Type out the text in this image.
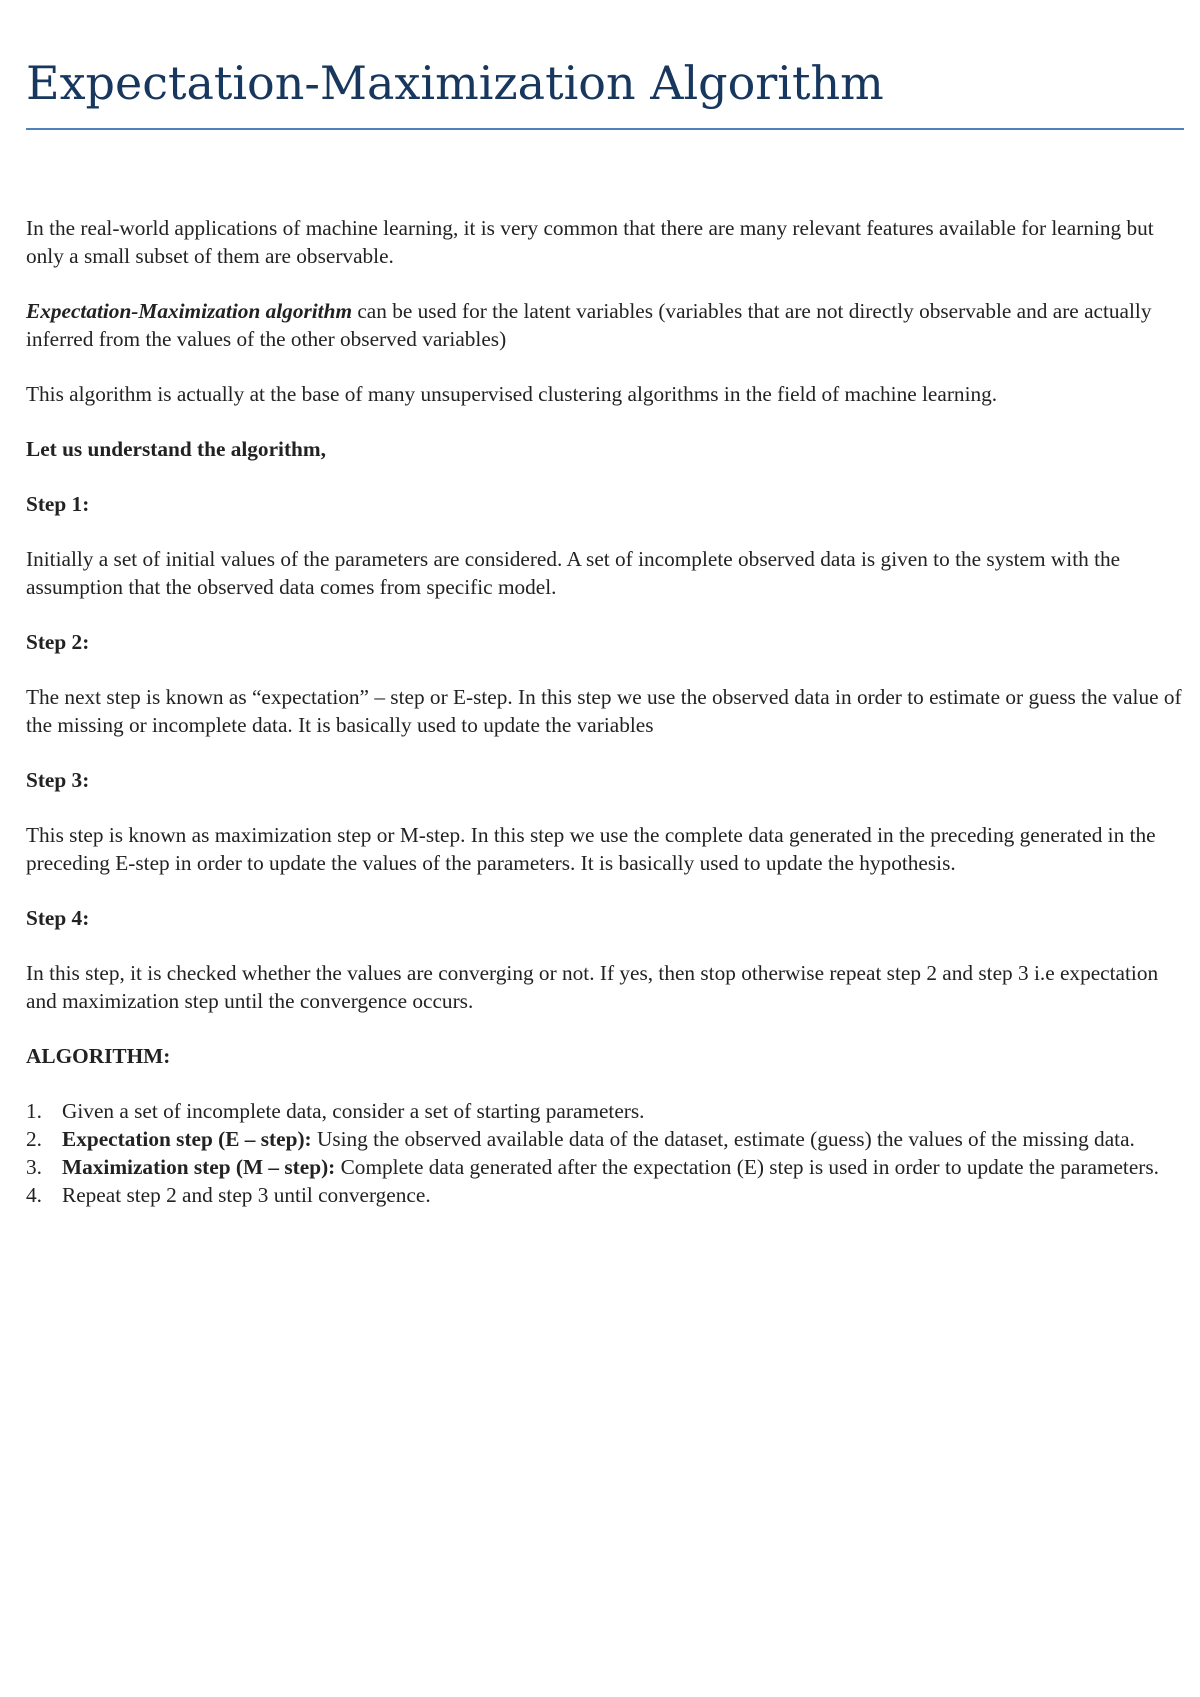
Expectation-Maximization Algorithm

In the real-world applications of machine learning, it is very common that there are many relevant features available for learning but only a small subset of them are observable.

Expectation-Maximization algorithm can be used for the latent variables (variables that are not directly observable and are actually inferred from the values of the other observed variables)

This algorithm is actually at the base of many unsupervised clustering algorithms in the field of machine learning.

Let us understand the algorithm,

Step 1:

Initially a set of initial values of the parameters are considered. A set of incomplete observed data is given to the system with the assumption that the observed data comes from specific model.

Step 2:

The next step is known as “expectation” – step or E-step. In this step we use the observed data in order to estimate or guess the value of the missing or incomplete data. It is basically used to update the variables

Step 3:

This step is known as maximization step or M-step. In this step we use the complete data generated in the preceding generated in the preceding E-step in order to update the values of the parameters. It is basically used to update the hypothesis.

Step 4:

In this step, it is checked whether the values are converging or not. If yes, then stop otherwise repeat step 2 and step 3 i.e expectation and maximization step until the convergence occurs.

ALGORITHM:

1. Given a set of incomplete data, consider a set of starting parameters.
2. Expectation step (E – step): Using the observed available data of the dataset, estimate (guess) the values of the missing data.
3. Maximization step (M – step): Complete data generated after the expectation (E) step is used in order to update the parameters.
4. Repeat step 2 and step 3 until convergence.
